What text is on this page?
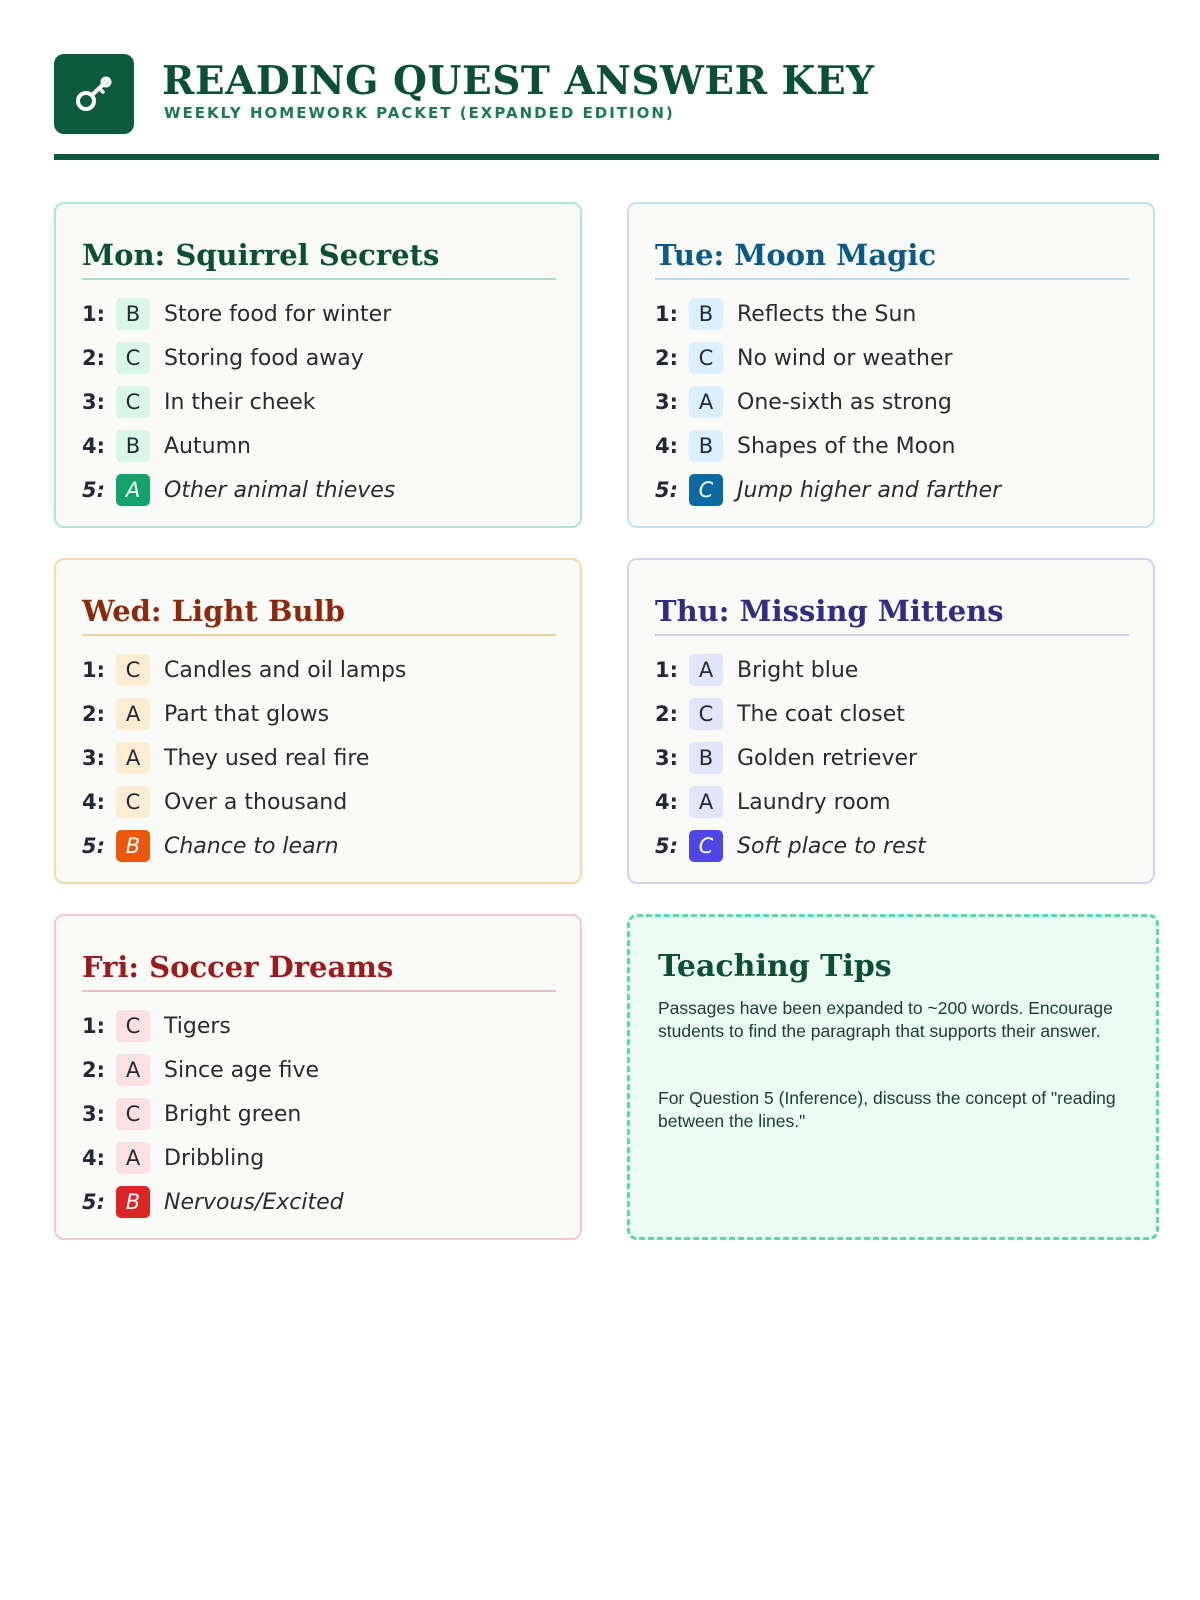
READING QUEST ANSWER KEY
WEEKLY HOMEWORK PACKET (EXPANDED EDITION)
Mon: Squirrel Secrets
1: B	Store food for winter
2: C	Storing food away
3: C	In their cheek
4: B	Autumn
5: A	Other animal thieves
Tue: Moon Magic
1: B	Reflects the Sun
2: C	No wind or weather
3: A	One-sixth as strong
4: B	Shapes of the Moon
5: C	Jump higher and farther
Wed: Light Bulb
1: C	Candles and oil lamps
2: A	Part that glows
3: A	They used real fire
4: C	Over a thousand
5: B	Chance to learn
Thu: Missing Mittens
1: A	Bright blue
2: C	The coat closet
3: B	Golden retriever
4: A	Laundry room
5: C	Soft place to rest
Fri: Soccer Dreams
1: C	Tigers
2: A	Since age five
3: C	Bright green
4: A	Dribbling
5: B	Nervous/Excited
Teaching Tips

Passages have been expanded to ~200 words. Encourage students to find the paragraph that supports their answer.

For Question 5 (Inference), discuss the concept of "reading between the lines."
